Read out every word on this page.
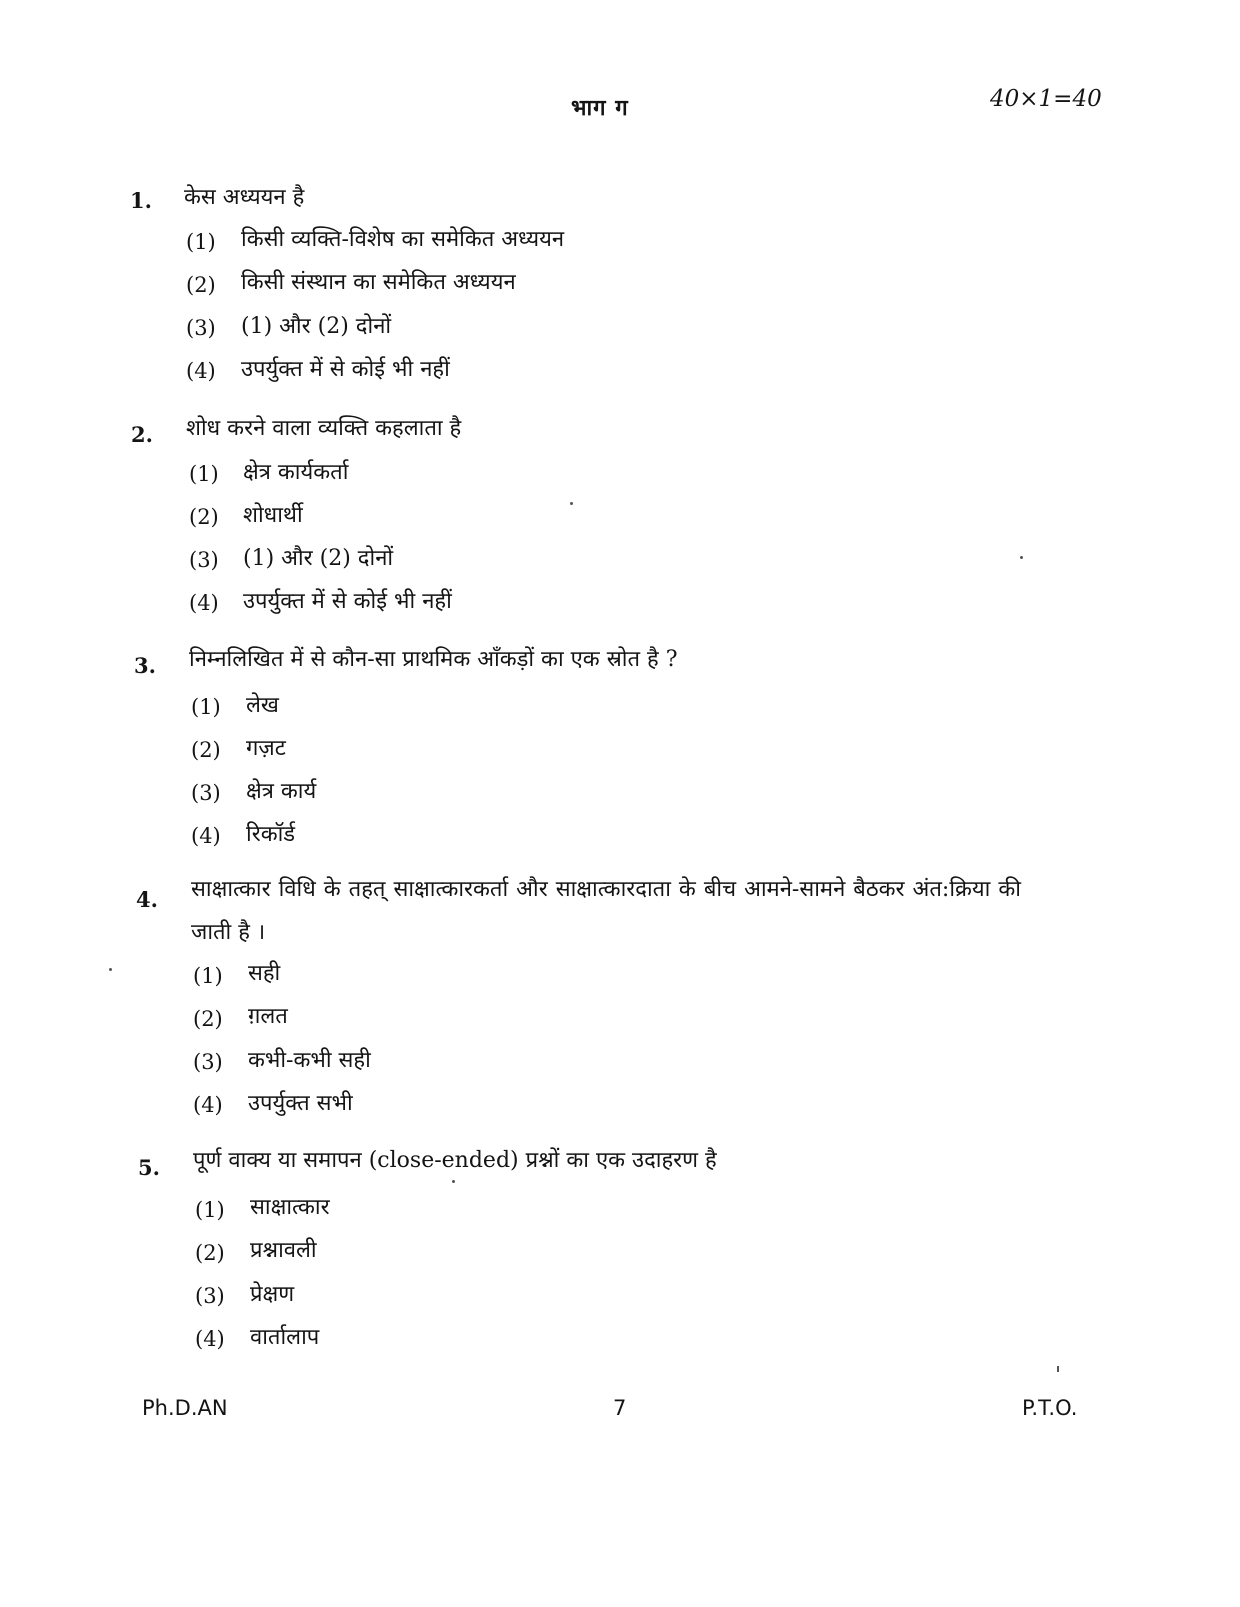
भाग ग	40×1=40
1.	केस अध्ययन है
(1) किसी व्यक्ति-विशेष का समेकित अध्ययन
(2) किसी संस्थान का समेकित अध्ययन
(3) (1) और (2) दोनों
(4) उपर्युक्त में से कोई भी नहीं
2.	शोध करने वाला व्यक्ति कहलाता है
(1) क्षेत्र कार्यकर्ता
(2) शोधार्थी
(3) (1) और (2) दोनों
(4) उपर्युक्त में से कोई भी नहीं
3.	निम्नलिखित में से कौन-सा प्राथमिक आँकड़ों का एक स्रोत है ?
(1) लेख
(2) गज़ट
(3) क्षेत्र कार्य
(4) रिकॉर्ड
4.	साक्षात्कार विधि के तहत् साक्षात्कारकर्ता और साक्षात्कारदाता के बीच आमने-सामने बैठकर अंत:क्रिया की जाती है ।
(1) सही
(2) ग़लत
(3) कभी-कभी सही
(4) उपर्युक्त सभी
5.	पूर्ण वाक्य या समापन (close-ended) प्रश्नों का एक उदाहरण है
(1) साक्षात्कार
(2) प्रश्नावली
(3) प्रेक्षण
(4) वार्तालाप
Ph.D.AN	7	P.T.O.
